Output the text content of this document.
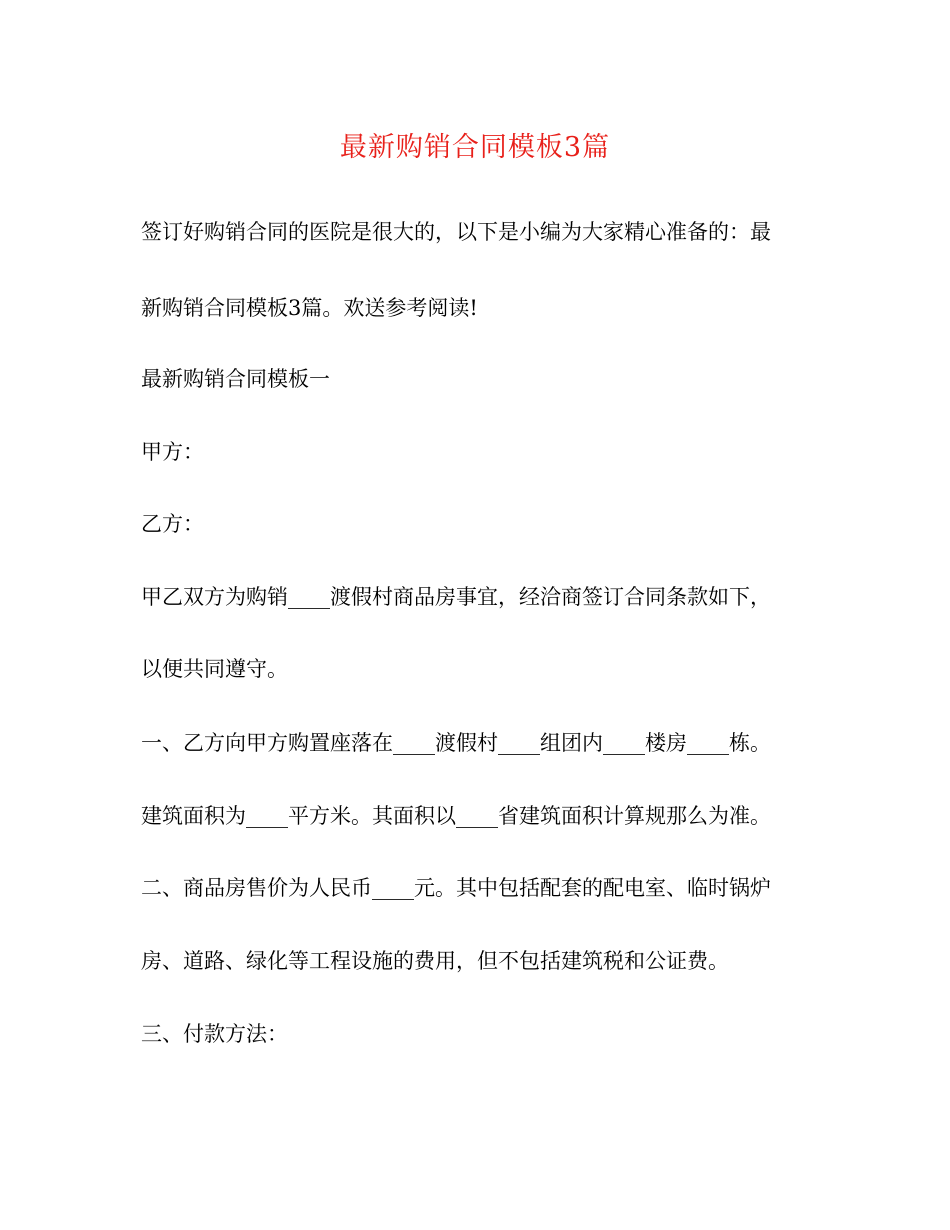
最新购销合同模板3篇
签订好购销合同的医院是很大的，以下是小编为大家精心准备的：最
新购销合同模板3篇。欢送参考阅读!
最新购销合同模板一
甲方：
乙方：
甲乙双方为购销____渡假村商品房事宜，经洽商签订合同条款如下，
以便共同遵守。
一、乙方向甲方购置座落在____渡假村____组团内____楼房____栋。
建筑面积为____平方米。其面积以____省建筑面积计算规那么为准。
二、商品房售价为人民币____元。其中包括配套的配电室、临时锅炉
房、道路、绿化等工程设施的费用，但不包括建筑税和公证费。
三、付款方法：
